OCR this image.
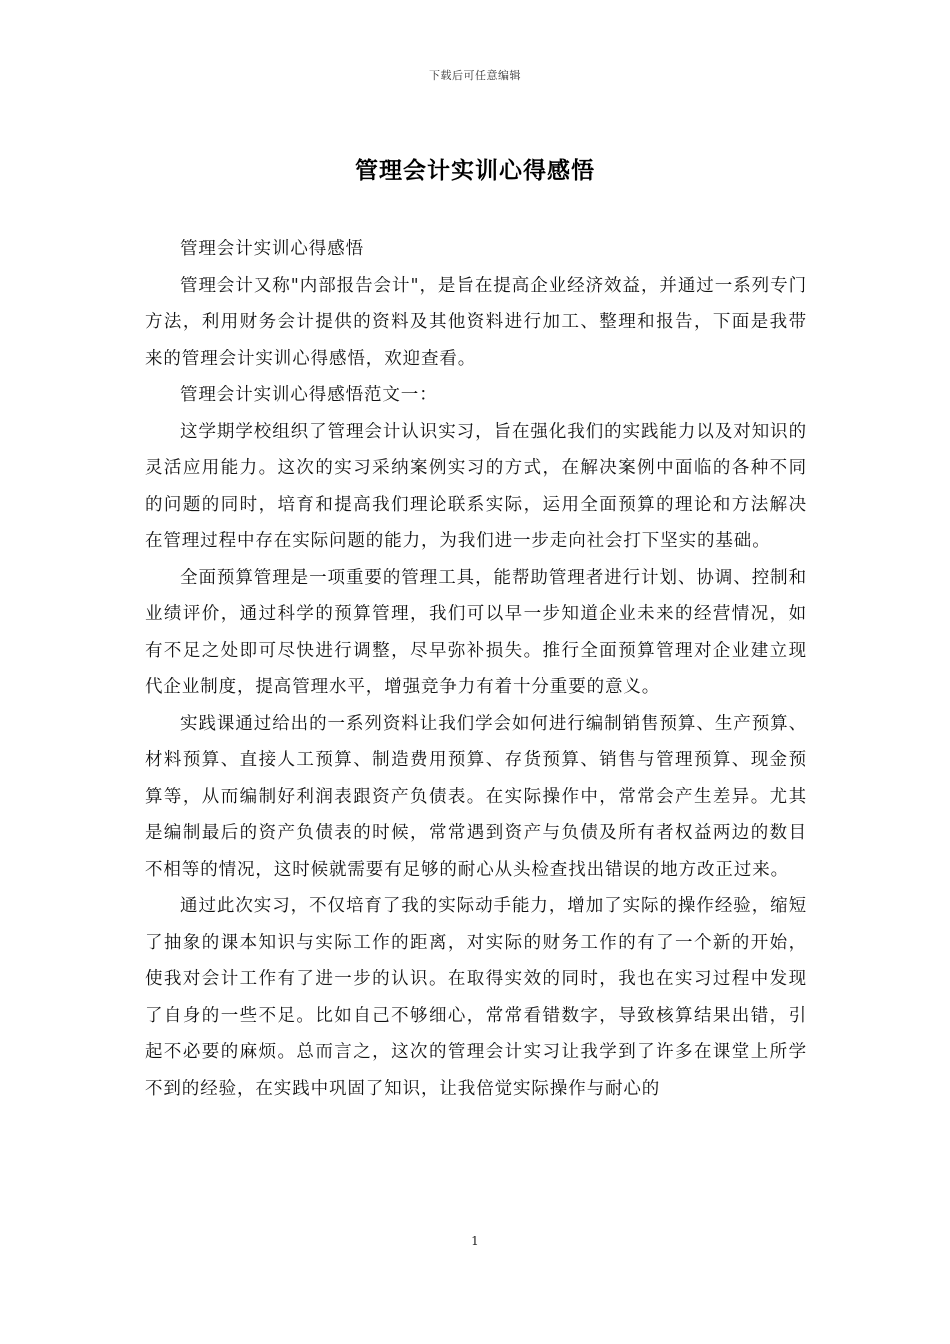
下载后可任意编辑
管理会计实训心得感悟

管理会计实训心得感悟

管理会计又称"内部报告会计"，是旨在提高企业经济效益，并通过一系列专门方法，利用财务会计提供的资料及其他资料进行加工、整理和报告，下面是我带来的管理会计实训心得感悟，欢迎查看。

管理会计实训心得感悟范文一：

这学期学校组织了管理会计认识实习，旨在强化我们的实践能力以及对知识的灵活应用能力。这次的实习采纳案例实习的方式，在解决案例中面临的各种不同的问题的同时，培育和提高我们理论联系实际，运用全面预算的理论和方法解决在管理过程中存在实际问题的能力，为我们进一步走向社会打下坚实的基础。

全面预算管理是一项重要的管理工具，能帮助管理者进行计划、协调、控制和业绩评价，通过科学的预算管理，我们可以早一步知道企业未来的经营情况，如有不足之处即可尽快进行调整，尽早弥补损失。推行全面预算管理对企业建立现代企业制度，提高管理水平，增强竞争力有着十分重要的意义。

实践课通过给出的一系列资料让我们学会如何进行编制销售预算、生产预算、材料预算、直接人工预算、制造费用预算、存货预算、销售与管理预算、现金预算等，从而编制好利润表跟资产负债表。在实际操作中，常常会产生差异。尤其是编制最后的资产负债表的时候，常常遇到资产与负债及所有者权益两边的数目不相等的情况，这时候就需要有足够的耐心从头检查找出错误的地方改正过来。

通过此次实习，不仅培育了我的实际动手能力，增加了实际的操作经验，缩短了抽象的课本知识与实际工作的距离，对实际的财务工作的有了一个新的开始，使我对会计工作有了进一步的认识。在取得实效的同时，我也在实习过程中发现了自身的一些不足。比如自己不够细心，常常看错数字，导致核算结果出错，引起不必要的麻烦。总而言之，这次的管理会计实习让我学到了许多在课堂上所学不到的经验，在实践中巩固了知识，让我倍觉实际操作与耐心的

1
